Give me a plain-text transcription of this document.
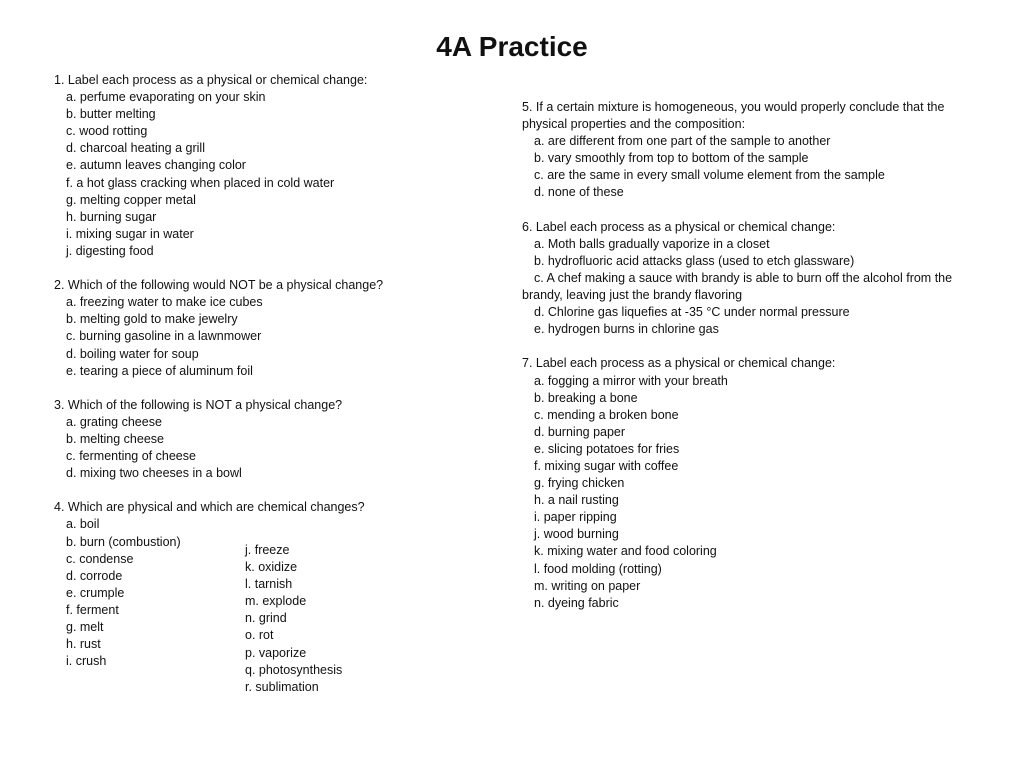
4A Practice
1. Label each process as a physical or chemical change:
a. perfume evaporating on your skin
b. butter melting
c. wood rotting
d. charcoal heating a grill
e. autumn leaves changing color
f. a hot glass cracking when placed in cold water
g. melting copper metal
h. burning sugar
i. mixing sugar in water
j. digesting food
2. Which of the following would NOT be a physical change?
a. freezing water to make ice cubes
b. melting gold to make jewelry
c. burning gasoline in a lawnmower
d. boiling water for soup
e. tearing a piece of aluminum foil
3. Which of the following is NOT a physical change?
a. grating cheese
b. melting cheese
c. fermenting of cheese
d. mixing two cheeses in a bowl
4. Which are physical and which are chemical changes?
a. boil
b. burn (combustion)
c. condense
d. corrode
e. crumple
f. ferment
g. melt
h. rust
i. crush
j. freeze
k. oxidize
l. tarnish
m. explode
n. grind
o. rot
p. vaporize
q. photosynthesis
r. sublimation
5. If a certain mixture is homogeneous, you would properly conclude that the physical properties and the composition:
a. are different from one part of the sample to another
b. vary smoothly from top to bottom of the sample
c. are the same in every small volume element from the sample
d. none of these
6. Label each process as a physical or chemical change:
a. Moth balls gradually vaporize in a closet
b. hydrofluoric acid attacks glass (used to etch glassware)
c. A chef making a sauce with brandy is able to burn off the alcohol from the brandy, leaving just the brandy flavoring
d. Chlorine gas liquefies at -35 °C under normal pressure
e. hydrogen burns in chlorine gas
7. Label each process as a physical or chemical change:
a. fogging a mirror with your breath
b. breaking a bone
c. mending a broken bone
d. burning paper
e. slicing potatoes for fries
f. mixing sugar with coffee
g. frying chicken
h. a nail rusting
i. paper ripping
j. wood burning
k. mixing water and food coloring
l. food molding (rotting)
m. writing on paper
n. dyeing fabric
